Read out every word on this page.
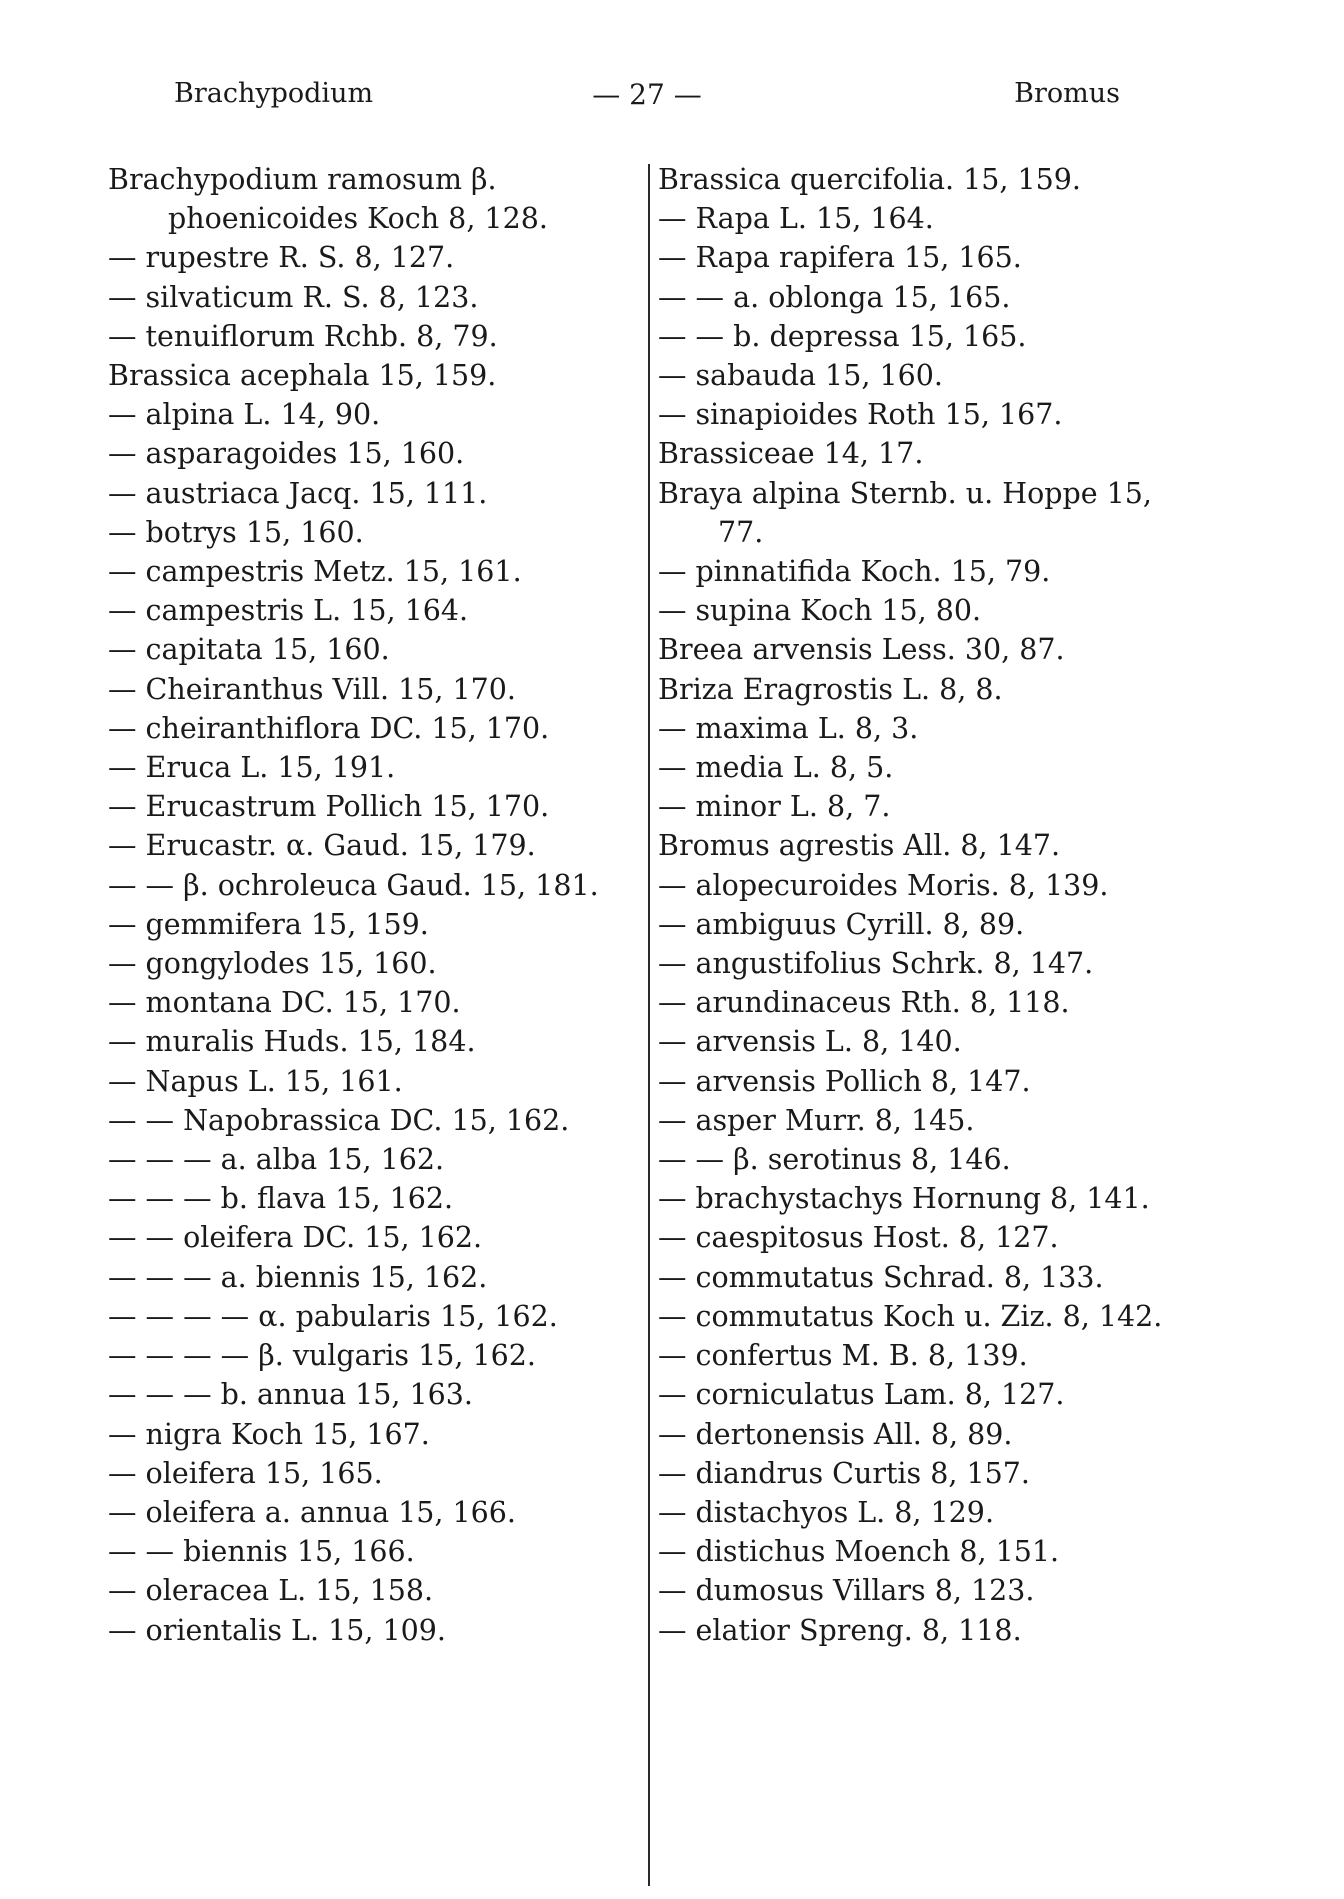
Brachypodium	— 27 —	Bromus
Brachypodium ramosum β. phoenicoides Koch 8, 128.
— rupestre R. S. 8, 127.
— silvaticum R. S. 8, 123.
— tenuiflorum Rchb. 8, 79.
Brassica acephala 15, 159.
— alpina L. 14, 90.
— asparagoides 15, 160.
— austriaca Jacq. 15, 111.
— botrys 15, 160.
— campestris Metz. 15, 161.
— campestris L. 15, 164.
— capitata 15, 160.
— Cheiranthus Vill. 15, 170.
— cheiranthiflora DC. 15, 170.
— Eruca L. 15, 191.
— Erucastrum Pollich 15, 170.
— Erucastr. α. Gaud. 15, 179.
— — β. ochroleuca Gaud. 15, 181.
— gemmifera 15, 159.
— gongylodes 15, 160.
— montana DC. 15, 170.
— muralis Huds. 15, 184.
— Napus L. 15, 161.
— — Napobrassica DC. 15, 162.
— — — a. alba 15, 162.
— — — b. flava 15, 162.
— — oleifera DC. 15, 162.
— — — a. biennis 15, 162.
— — — — α. pabularis 15, 162.
— — — — β. vulgaris 15, 162.
— — — b. annua 15, 163.
— nigra Koch 15, 167.
— oleifera 15, 165.
— oleifera a. annua 15, 166.
— — biennis 15, 166.
— oleracea L. 15, 158.
— orientalis L. 15, 109.
Brassica quercifolia. 15, 159.
— Rapa L. 15, 164.
— Rapa rapifera 15, 165.
— — a. oblonga 15, 165.
— — b. depressa 15, 165.
— sabauda 15, 160.
— sinapioides Roth 15, 167.
Brassiceae 14, 17.
Braya alpina Sternb. u. Hoppe 15, 77.
— pinnatifida Koch. 15, 79.
— supina Koch 15, 80.
Breea arvensis Less. 30, 87.
Briza Eragrostis L. 8, 8.
— maxima L. 8, 3.
— media L. 8, 5.
— minor L. 8, 7.
Bromus agrestis All. 8, 147.
— alopecuroides Moris. 8, 139.
— ambiguus Cyrill. 8, 89.
— angustifolius Schrk. 8, 147.
— arundinaceus Rth. 8, 118.
— arvensis L. 8, 140.
— arvensis Pollich 8, 147.
— asper Murr. 8, 145.
— — β. serotinus 8, 146.
— brachystachys Hornung 8, 141.
— caespitosus Host. 8, 127.
— commutatus Schrad. 8, 133.
— commutatus Koch u. Ziz. 8, 142.
— confertus M. B. 8, 139.
— corniculatus Lam. 8, 127.
— dertonensis All. 8, 89.
— diandrus Curtis 8, 157.
— distachyos L. 8, 129.
— distichus Moench 8, 151.
— dumosus Villars 8, 123.
— elatior Spreng. 8, 118.
